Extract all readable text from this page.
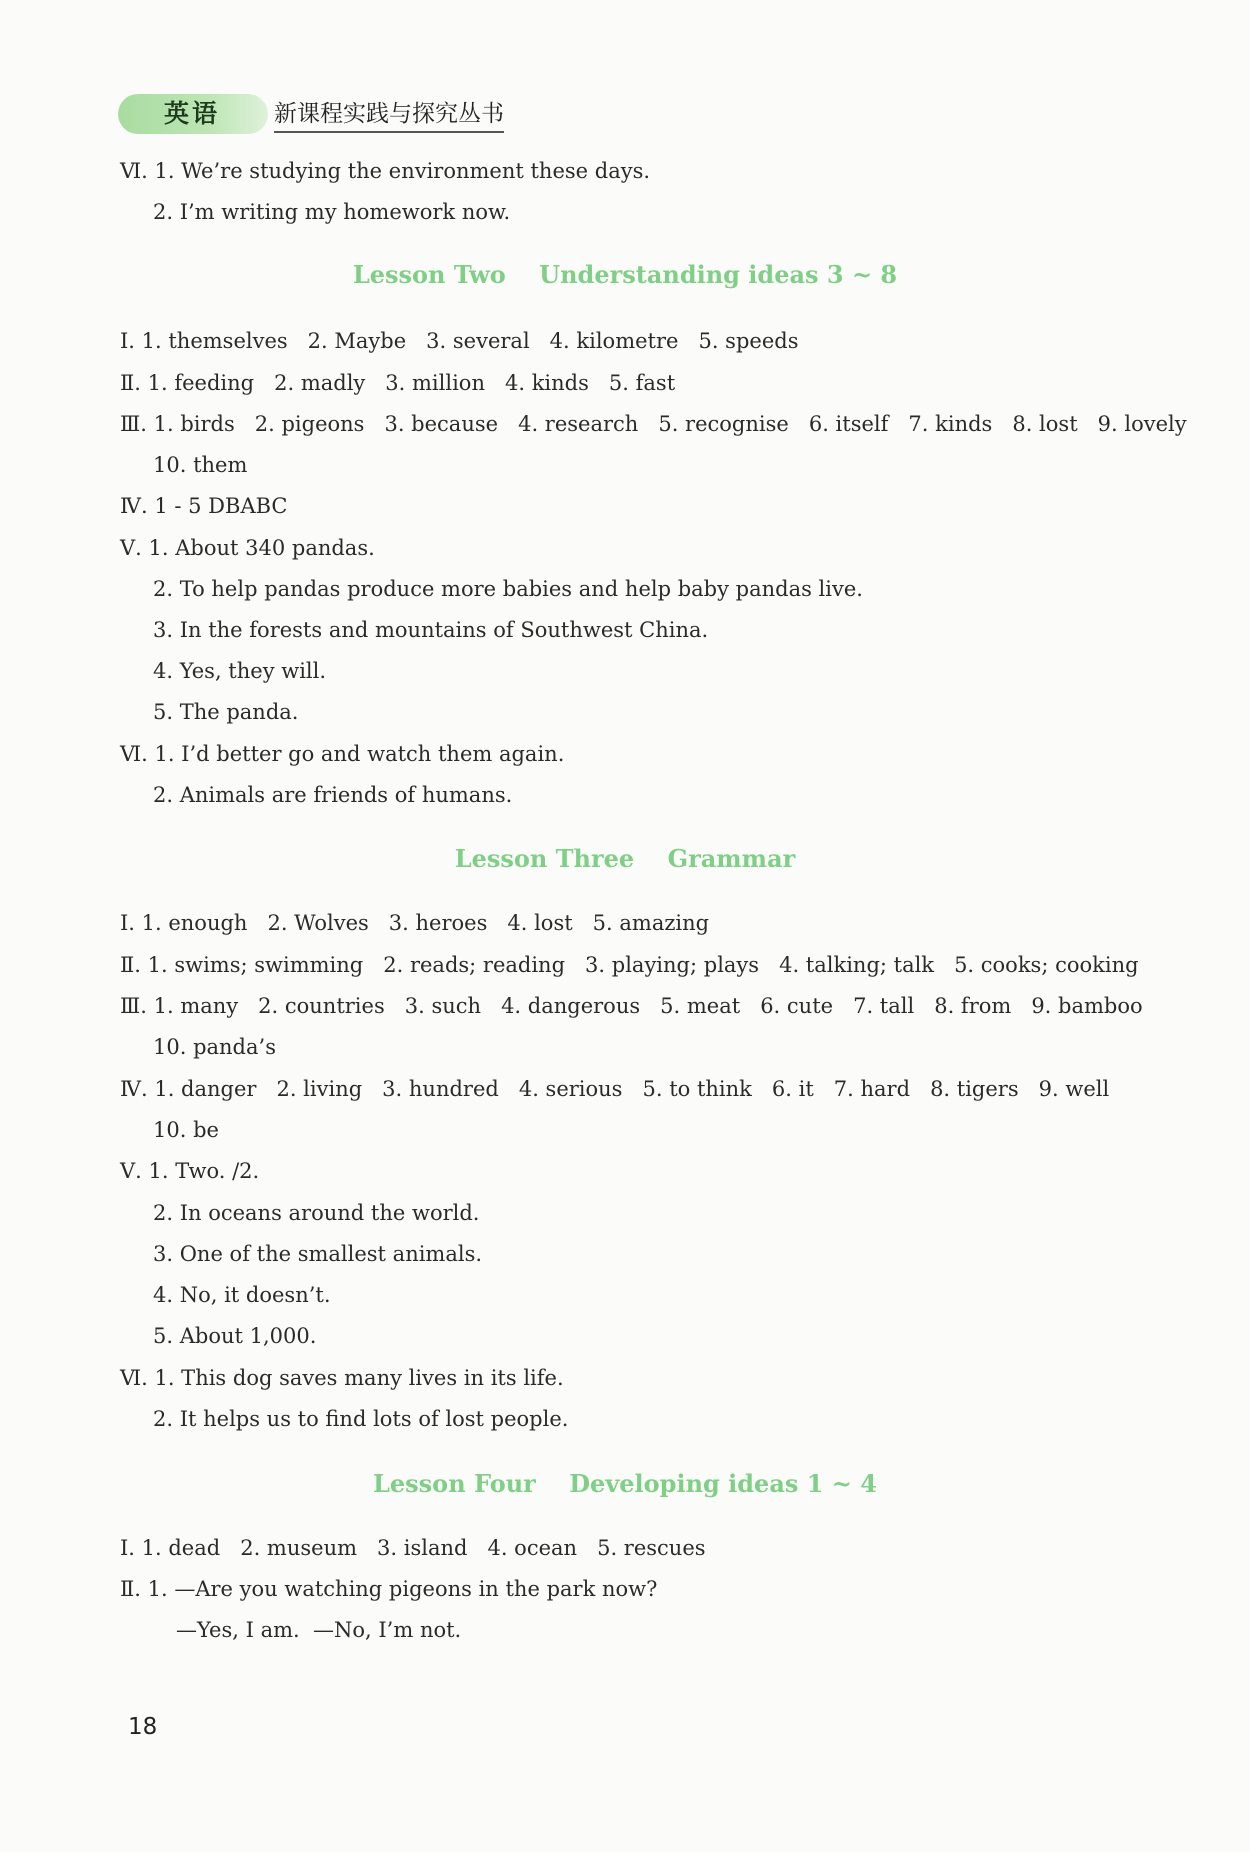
英语	新课程实践与探究丛书
Ⅵ. 1. We’re studying the environment these days.
2. I’m writing my homework now.
Ⅰ. 1. themselves   2. Maybe   3. several   4. kilometre   5. speeds
Ⅱ. 1. feeding   2. madly   3. million   4. kinds   5. fast
Ⅲ. 1. birds   2. pigeons   3. because   4. research   5. recognise   6. itself   7. kinds   8. lost   9. lovely
10. them
Ⅳ. 1 - 5 DBABC
Ⅴ. 1. About 340 pandas.
2. To help pandas produce more babies and help baby pandas live.
3. In the forests and mountains of Southwest China.
4. Yes, they will.
5. The panda.
Ⅵ. 1. I’d better go and watch them again.
2. Animals are friends of humans.
Ⅰ. 1. enough   2. Wolves   3. heroes   4. lost   5. amazing
Ⅱ. 1. swims; swimming   2. reads; reading   3. playing; plays   4. talking; talk   5. cooks; cooking
Ⅲ. 1. many   2. countries   3. such   4. dangerous   5. meat   6. cute   7. tall   8. from   9. bamboo
10. panda’s
Ⅳ. 1. danger   2. living   3. hundred   4. serious   5. to think   6. it   7. hard   8. tigers   9. well
10. be
Ⅴ. 1. Two. /2.
2. In oceans around the world.
3. One of the smallest animals.
4. No, it doesn’t.
5. About 1,000.
Ⅵ. 1. This dog saves many lives in its life.
2. It helps us to find lots of lost people.
Ⅰ. 1. dead   2. museum   3. island   4. ocean   5. rescues
Ⅱ. 1. —Are you watching pigeons in the park now?
—Yes, I am.  —No, I’m not.
Lesson Two    Understanding ideas 3 ~ 8
Lesson Three    Grammar
Lesson Four    Developing ideas 1 ~ 4
18
